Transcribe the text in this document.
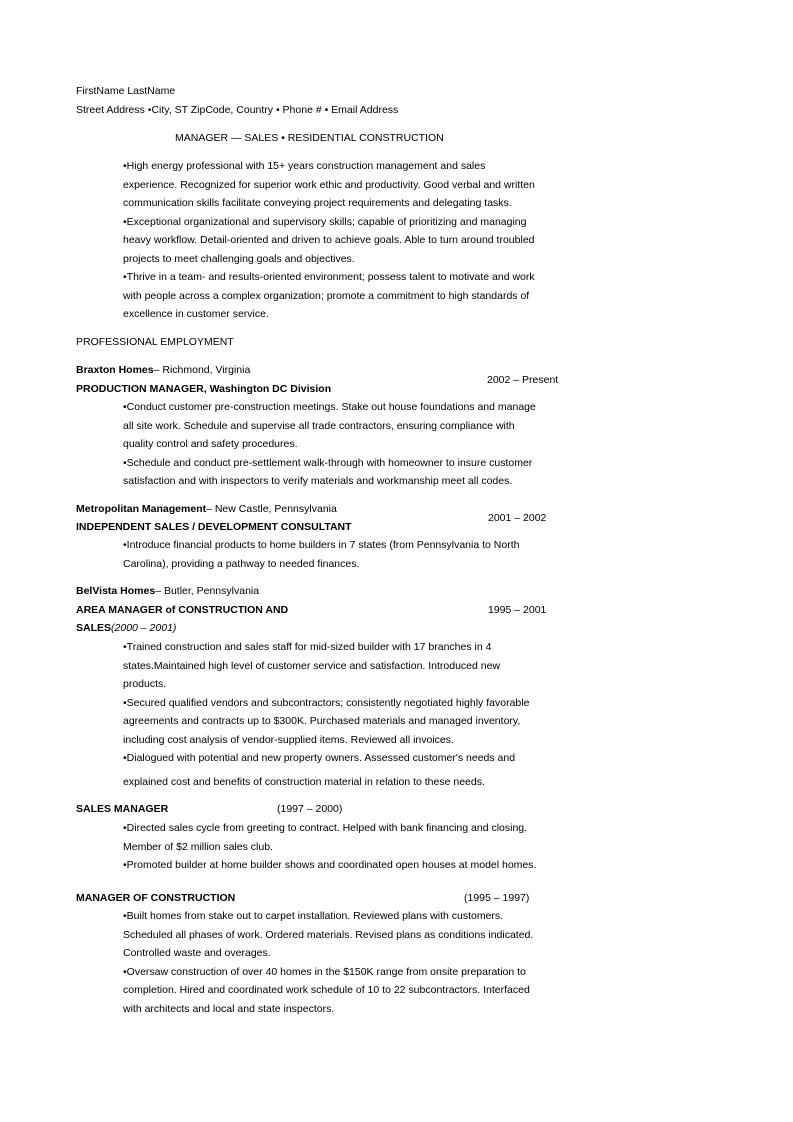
FirstName LastName
Street Address •City, ST ZipCode, Country • Phone # • Email Address
MANAGER — SALES • RESIDENTIAL CONSTRUCTION
•High energy professional with 15+ years construction management and sales
experience. Recognized for superior work ethic and productivity. Good verbal and written
communication skills facilitate conveying project requirements and delegating tasks.
•Exceptional organizational and supervisory skills; capable of prioritizing and managing
heavy workflow. Detail-oriented and driven to achieve goals. Able to turn around troubled
projects to meet challenging goals and objectives.
•Thrive in a team- and results-oriented environment; possess talent to motivate and work
with people across a complex organization; promote a commitment to high standards of
excellence in customer service.
PROFESSIONAL EMPLOYMENT
Braxton Homes– Richmond, Virginia
PRODUCTION MANAGER, Washington DC Division
2002 – Present
•Conduct customer pre-construction meetings. Stake out house foundations and manage
all site work. Schedule and supervise all trade contractors, ensuring compliance with
quality control and safety procedures.
•Schedule and conduct pre-settlement walk-through with homeowner to insure customer
satisfaction and with inspectors to verify materials and workmanship meet all codes.
Metropolitan Management– New Castle, Pennsylvania
INDEPENDENT SALES / DEVELOPMENT CONSULTANT
2001 – 2002
•Introduce financial products to home builders in 7 states (from Pennsylvania to North
Carolina), providing a pathway to needed finances.
BelVista Homes– Butler, Pennsylvania
AREA MANAGER of CONSTRUCTION AND	1995 – 2001
SALES(2000 – 2001)
•Trained construction and sales staff for mid-sized builder with 17 branches in 4
states.Maintained high level of customer service and satisfaction. Introduced new
products.
•Secured qualified vendors and subcontractors; consistently negotiated highly favorable
agreements and contracts up to $300K. Purchased materials and managed inventory,
including cost analysis of vendor-supplied items. Reviewed all invoices.
•Dialogued with potential and new property owners. Assessed customer's needs and
explained cost and benefits of construction material in relation to these needs.
SALES MANAGER	(1997 – 2000)
•Directed sales cycle from greeting to contract. Helped with bank financing and closing.
Member of $2 million sales club.
•Promoted builder at home builder shows and coordinated open houses at model homes.
MANAGER OF CONSTRUCTION	(1995 – 1997)
•Built homes from stake out to carpet installation. Reviewed plans with customers.
Scheduled all phases of work. Ordered materials. Revised plans as conditions indicated.
Controlled waste and overages.
•Oversaw construction of over 40 homes in the $150K range from onsite preparation to
completion. Hired and coordinated work schedule of 10 to 22 subcontractors. Interfaced
with architects and local and state inspectors.
